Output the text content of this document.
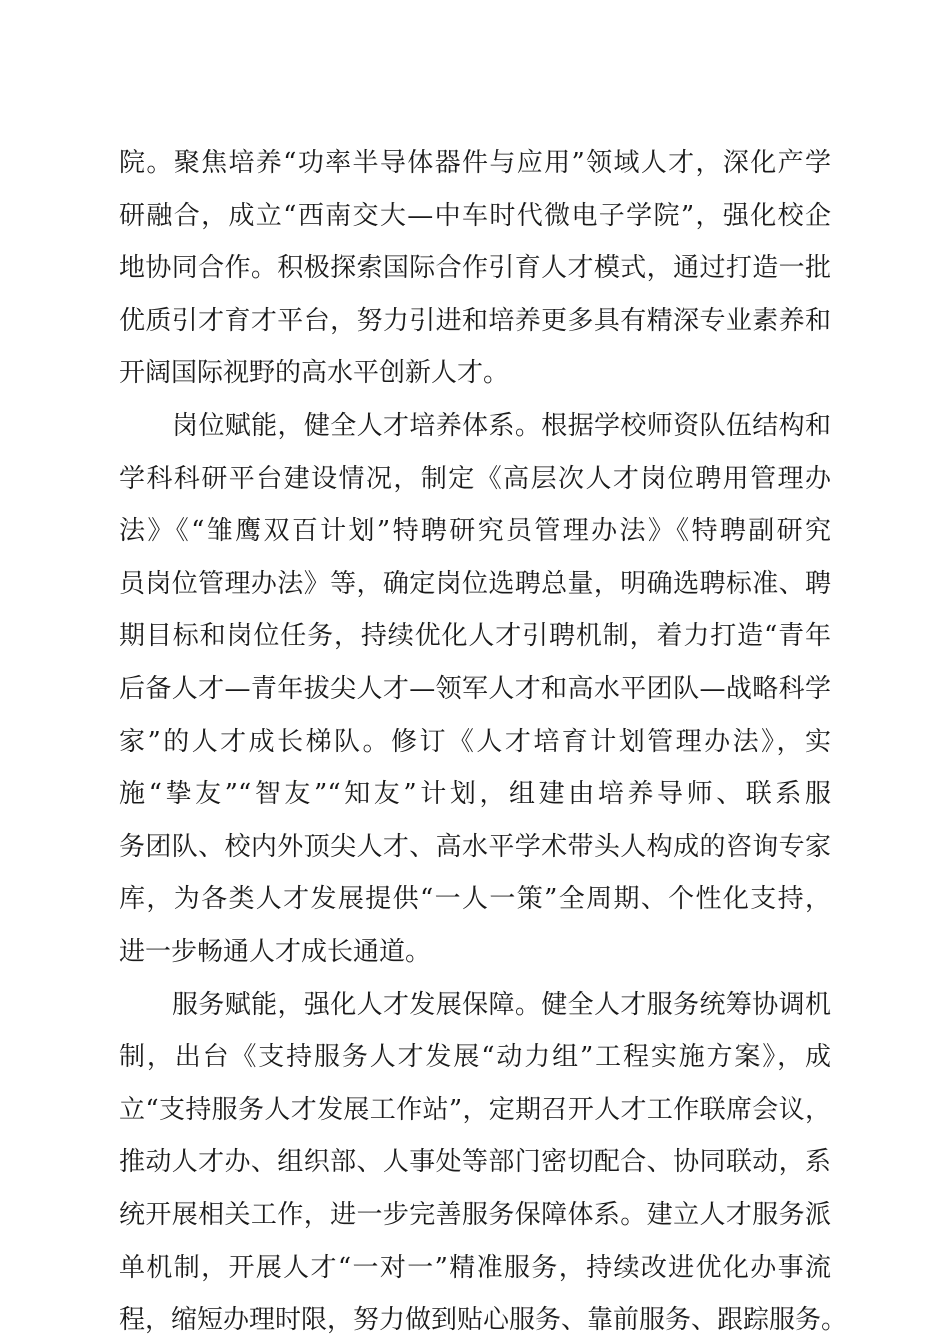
院。聚焦培养“功率半导体器件与应用”领域人才，深化产学
研融合，成立“西南交大—中车时代微电子学院”，强化校企
地协同合作。积极探索国际合作引育人才模式，通过打造一批
优质引才育才平台，努力引进和培养更多具有精深专业素养和
开阔国际视野的高水平创新人才。
岗位赋能，健全人才培养体系。根据学校师资队伍结构和
学科科研平台建设情况，制定《高层次人才岗位聘用管理办
法》《“雏鹰双百计划”特聘研究员管理办法》《特聘副研究
员岗位管理办法》等，确定岗位选聘总量，明确选聘标准、聘
期目标和岗位任务，持续优化人才引聘机制，着力打造“青年
后备人才—青年拔尖人才—领军人才和高水平团队—战略科学
家”的人才成长梯队。修订《人才培育计划管理办法》，实
施“挚友”“智友”“知友”计划，组建由培养导师、联系服
务团队、校内外顶尖人才、高水平学术带头人构成的咨询专家
库，为各类人才发展提供“一人一策”全周期、个性化支持，
进一步畅通人才成长通道。
服务赋能，强化人才发展保障。健全人才服务统筹协调机
制，出台《支持服务人才发展“动力组”工程实施方案》，成
立“支持服务人才发展工作站”，定期召开人才工作联席会议，
推动人才办、组织部、人事处等部门密切配合、协同联动，系
统开展相关工作，进一步完善服务保障体系。建立人才服务派
单机制，开展人才“一对一”精准服务，持续改进优化办事流
程，缩短办理时限，努力做到贴心服务、靠前服务、跟踪服务。
